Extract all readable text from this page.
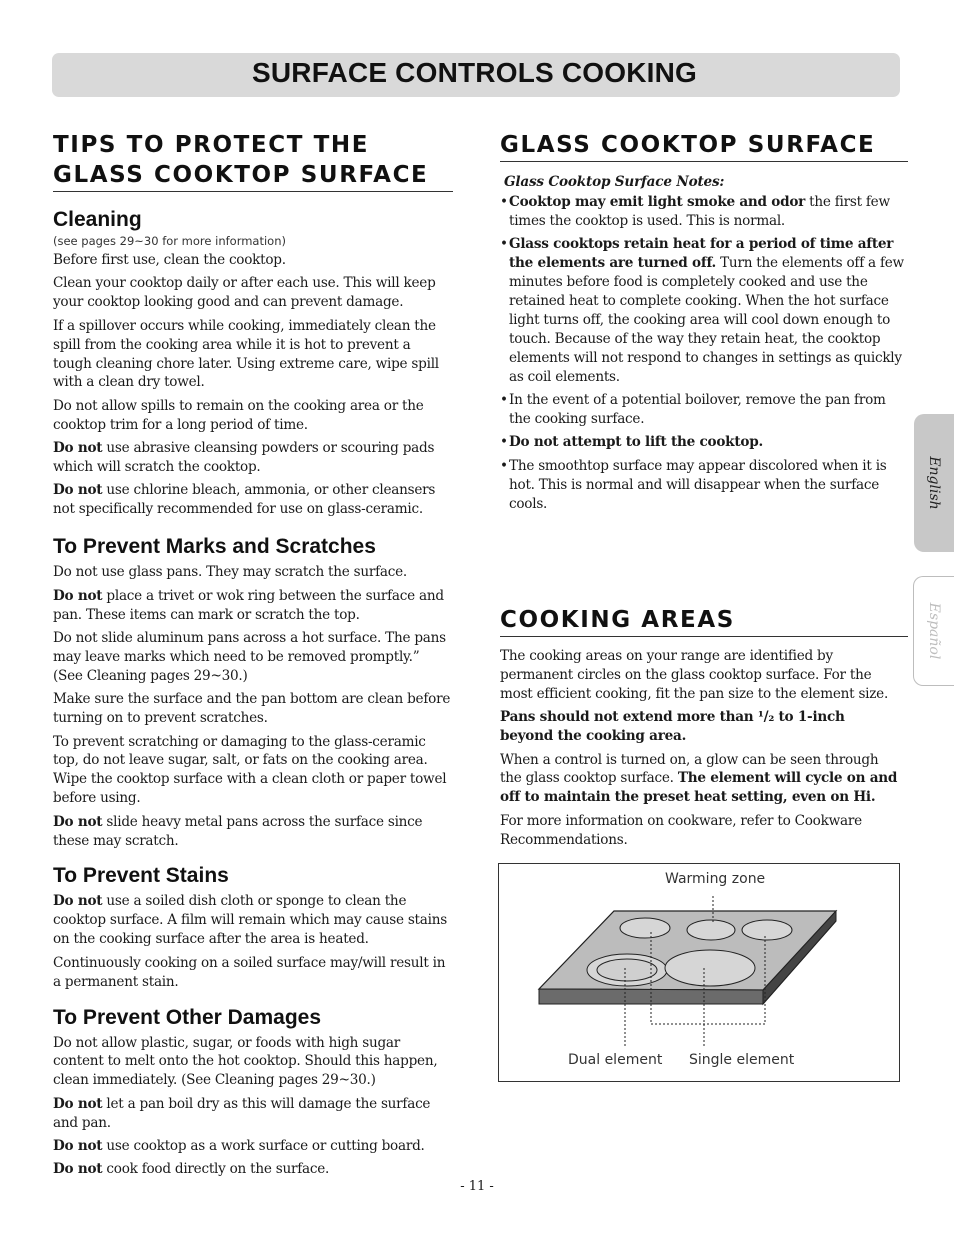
SURFACE CONTROLS COOKING
TIPS TO PROTECT THE GLASS COOKTOP SURFACE
Cleaning
(see pages 29~30 for more information)

Before first use, clean the cooktop.

Clean your cooktop daily or after each use. This will keep your cooktop looking good and can prevent damage.

If a spillover occurs while cooking, immediately clean the spill from the cooking area while it is hot to prevent a tough cleaning chore later. Using extreme care, wipe spill with a clean dry towel.

Do not allow spills to remain on the cooking area or the cooktop trim for a long period of time.

Do not use abrasive cleansing powders or scouring pads which will scratch the cooktop.

Do not use chlorine bleach, ammonia, or other cleansers not specifically recommended for use on glass-ceramic.

To Prevent Marks and Scratches

Do not use glass pans. They may scratch the surface.

Do not place a trivet or wok ring between the surface and pan. These items can mark or scratch the top.

Do not slide aluminum pans across a hot surface. The pans may leave marks which need to be removed promptly.”
(See Cleaning pages 29~30.)

Make sure the surface and the pan bottom are clean before turning on to prevent scratches.

To prevent scratching or damaging to the glass-ceramic top, do not leave sugar, salt, or fats on the cooking area. Wipe the cooktop surface with a clean cloth or paper towel before using.

Do not slide heavy metal pans across the surface since these may scratch.

To Prevent Stains

Do not use a soiled dish cloth or sponge to clean the cooktop surface. A film will remain which may cause stains on the cooking surface after the area is heated.

Continuously cooking on a soiled surface may/will result in a permanent stain.

To Prevent Other Damages

Do not allow plastic, sugar, or foods with high sugar content to melt onto the hot cooktop. Should this happen, clean immediately. (See Cleaning pages 29~30.)

Do not let a pan boil dry as this will damage the surface and pan.

Do not use cooktop as a work surface or cutting board.

Do not cook food directly on the surface.

GLASS COOKTOP SURFACE
Glass Cooktop Surface Notes:
• Cooktop may emit light smoke and odor the first few times the cooktop is used. This is normal.
• Glass cooktops retain heat for a period of time after the elements are turned off. Turn the elements off a few minutes before food is completely cooked and use the retained heat to complete cooking. When the hot surface light turns off, the cooking area will cool down enough to touch. Because of the way they retain heat, the cooktop elements will not respond to changes in settings as quickly as coil elements.
• In the event of a potential boilover, remove the pan from the cooking surface.
• Do not attempt to lift the cooktop.
• The smoothtop surface may appear discolored when it is hot. This is normal and will disappear when the surface cools.
COOKING AREAS

The cooking areas on your range are identified by permanent circles on the glass cooktop surface. For the most efficient cooking, fit the pan size to the element size.

Pans should not extend more than ¹/₂ to 1-inch beyond the cooking area.

When a control is turned on, a glow can be seen through the glass cooktop surface. The element will cycle on and off to maintain the preset heat setting, even on Hi.

For more information on cookware, refer to Cookware Recommendations.

Warming zone
Dual element Single element
English
Español
- 11 -
